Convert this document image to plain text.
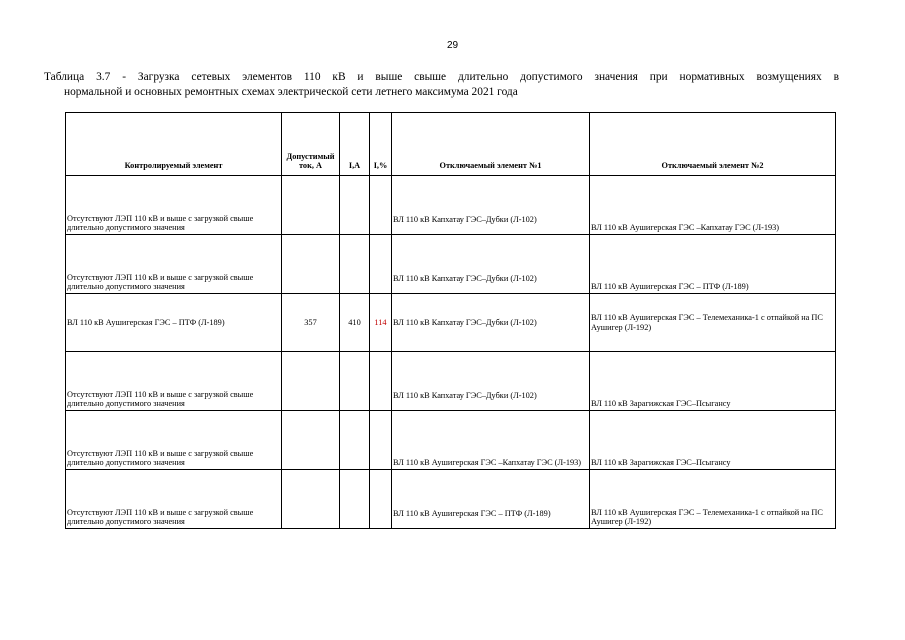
29
Таблица 3.7 - Загрузка сетевых элементов 110 кВ и выше свыше длительно допустимого значения при нормативных возмущениях в
нормальной и основных ремонтных схемах электрической сети летнего максимума 2021 года
Контролируемый элемент	Допустимый ток, А	I,A	I,%	Отключаемый элемент №1	Отключаемый элемент №2
Отсутствуют ЛЭП 110 кВ и выше с загрузкой свыше длительно допустимого значения				ВЛ 110 кВ Капхатау ГЭС–Дубки (Л-102)	ВЛ 110 кВ Аушигерская ГЭС –Капхатау ГЭС (Л-193)
Отсутствуют ЛЭП 110 кВ и выше с загрузкой свыше длительно допустимого значения				ВЛ 110 кВ Капхатау ГЭС–Дубки (Л-102)	ВЛ 110 кВ Аушигерская ГЭС – ПТФ (Л-189)
ВЛ 110 кВ Аушигерская ГЭС – ПТФ (Л-189)	357	410	114	ВЛ 110 кВ Капхатау ГЭС–Дубки (Л-102)	ВЛ 110 кВ Аушигерская ГЭС – Телемеханика-1 с отпайкой на ПС Аушигер (Л-192)
Отсутствуют ЛЭП 110 кВ и выше с загрузкой свыше длительно допустимого значения				ВЛ 110 кВ Капхатау ГЭС–Дубки (Л-102)	ВЛ 110 кВ Зарагижская ГЭС–Псыгансу
Отсутствуют ЛЭП 110 кВ и выше с загрузкой свыше длительно допустимого значения				ВЛ 110 кВ Аушигерская ГЭС –Капхатау ГЭС (Л-193)	ВЛ 110 кВ Зарагижская ГЭС–Псыгансу
Отсутствуют ЛЭП 110 кВ и выше с загрузкой свыше длительно допустимого значения				ВЛ 110 кВ Аушигерская ГЭС – ПТФ (Л-189)	ВЛ 110 кВ Аушигерская ГЭС – Телемеханика-1 с отпайкой на ПС Аушигер (Л-192)
